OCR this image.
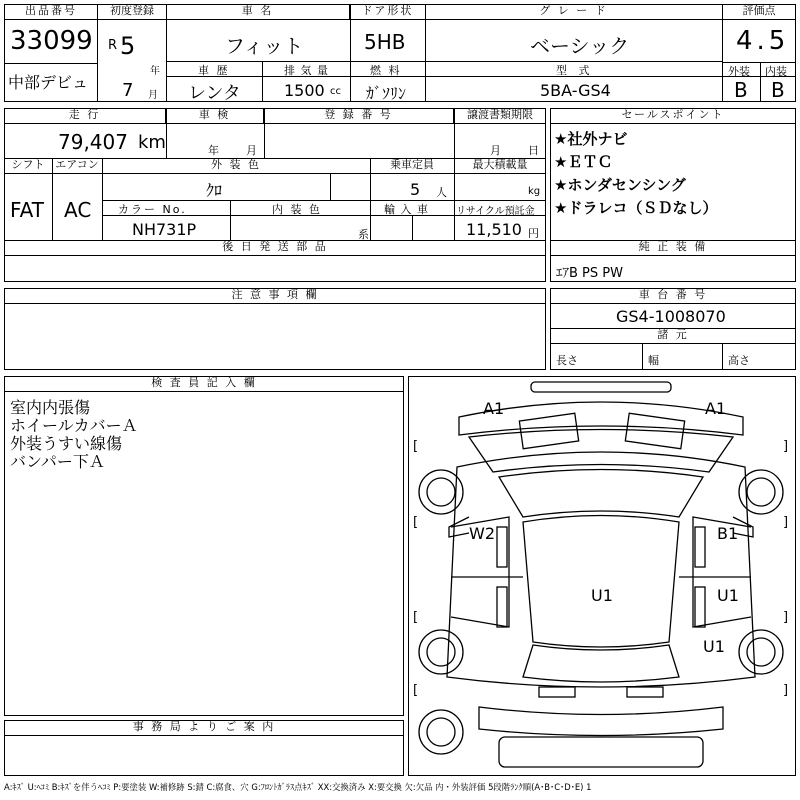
出品番号
33099
中部デビュ
初度登録
R 5
年
7 月
車 名
フィット
ドア形状
5HB
グ レ ー ド
ベーシック
評価点
4.5
外装 内装
B B
車 歴
レンタ
排 気 量
1500 cc
燃 料
ｶﾞｿﾘﾝ
型 式
5BA-GS4
走 行
79,407 km
車 検
年 月
登 録 番 号	譲渡書類期限
月 日
シフト
FAT
エアコン
AC
外 装 色
ｸﾛ
乗車定員
5 人
最大積載量
kg
カラー No.
NH731P
内 装 色
系
輸 入 車	リサイクル預託金
11,510 円
後 日 発 送 部 品
セールスポイント
★社外ナビ
★ＥＴＣ
★ホンダセンシング
★ドラレコ（ＳＤなし）
純 正 装 備
ｴｱB PS PW
注 意 事 項 欄	車 台 番 号
GS4-1008070
諸 元
長さ	幅	高さ
検 査 員 記 入 欄
室内内張傷
ホイールカバーＡ
外装うすい線傷
バンパー下Ａ
事 務 局 よ り ご 案 内
A1	A1
W2	B1
U1	U1
U1
[	]
[	]
[	]
[	]
A:ｷｽﾞ U:ﾍｺﾐ B:ｷｽﾞを伴うﾍｺﾐ P:要塗装 W:補修跡 S:錆 C:腐食、穴 G:ﾌﾛﾝﾄｶﾞﾗｽ点ｷｽﾞ XX:交換済み X:要交換 欠:欠品 内・外装評価 5段階ﾗﾝｸ順(A･B･C･D･E) 1
